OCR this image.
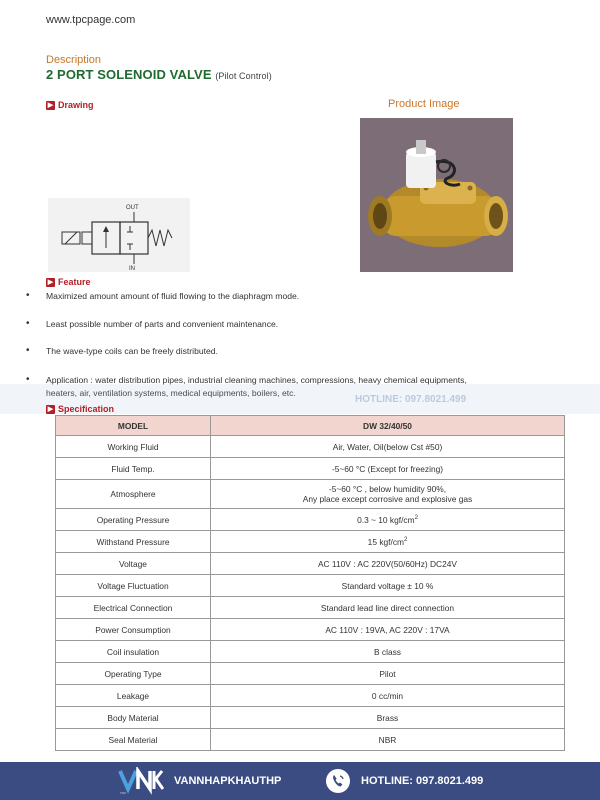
www.tpcpage.com
Description
2 PORT SOLENOID VALVE (Pilot Control)
▶ Drawing	Product Image
OUT
IN
▶ Feature
•	Maximized amount amount of fluid flowing to the diaphragm mode.
•	Least possible number of parts and convenient maintenance.
•	The wave-type coils can be freely distributed.
•	Application : water distribution pipes, industrial cleaning machines, compressions, heavy chemical equipments,
heaters, air, ventilation systems, medical equipments, boilers, etc.
HOTLINE: 097.8021.499
▶ Specification
MODEL	DW 32/40/50
Working Fluid	Air, Water, Oil(below Cst #50)
Fluid Temp.	-5~60 °C (Except for freezing)
Atmosphere	-5~60 °C , below humidity 90%,
Any place except corrosive and explosive gas
Operating Pressure	0.3 ~ 10 kgf/$cm^2$
Withstand Pressure	15 kgf/$cm^2$
Voltage	AC 110V : AC 220V(50/60Hz) DC24V
Voltage Fluctuation	Standard voltage ± 10 %
Electrical Connection	Standard lead line direct connection
Power Consumption	AC 110V : 19VA, AC 220V : 17VA
Coil insulation	B class
Operating Type	Pilot
Leakage	0 cc/min
Body Material	Brass
Seal Material	NBR
VNK
VANNHAPKHAUTHP	HOTLINE: 097.8021.499
